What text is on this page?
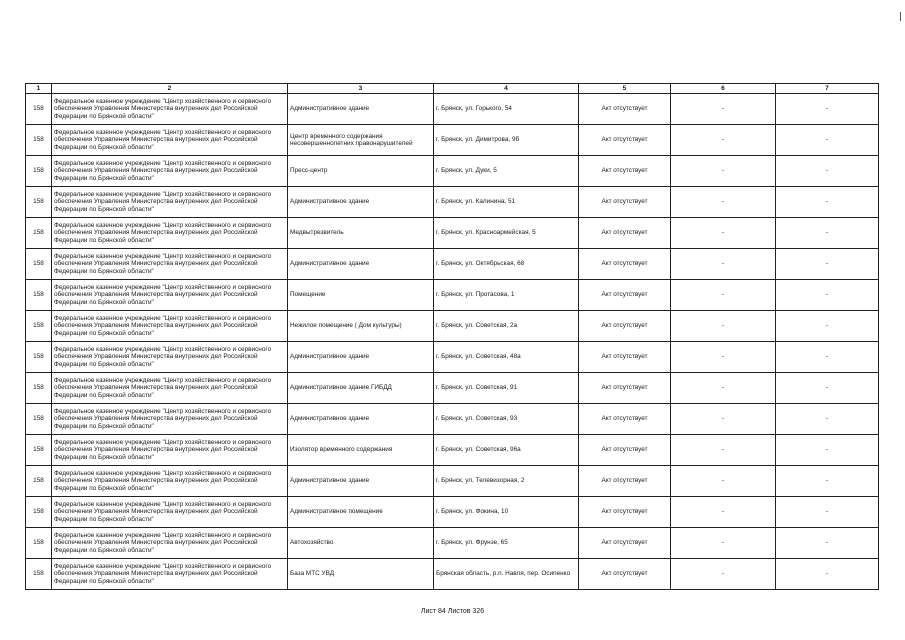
1	2	3	4	5	6	7
158	Федеральное казенное учреждение "Центр хозяйственного и сервисного обеспечения Управления Министерства внутренних дел Российской Федерации по Брянской области"	Административное здание	г. Брянск, ул. Горького, 54	Акт отсутствует	-	-
158	Федеральное казенное учреждение "Центр хозяйственного и сервисного обеспечения Управления Министерства внутренних дел Российской Федерации по Брянской области"	Центр временного содержания несовершеннолетних правонарушителей	г. Брянск, ул. Димитрова, 9б	Акт отсутствует	-	-
158	Федеральное казенное учреждение "Центр хозяйственного и сервисного обеспечения Управления Министерства внутренних дел Российской Федерации по Брянской области"	Пресс-центр	г. Брянск, ул. Дуки, 5	Акт отсутствует	-	-
158	Федеральное казенное учреждение "Центр хозяйственного и сервисного обеспечения Управления Министерства внутренних дел Российской Федерации по Брянской области"	Административное здание	г. Брянск, ул. Калинина, 51	Акт отсутствует	-	-
158	Федеральное казенное учреждение "Центр хозяйственного и сервисного обеспечения Управления Министерства внутренних дел Российской Федерации по Брянской области"	Медвытрезвитель	г. Брянск, ул. Красноармейская, 5	Акт отсутствует	-	-
158	Федеральное казенное учреждение "Центр хозяйственного и сервисного обеспечения Управления Министерства внутренних дел Российской Федерации по Брянской области"	Административное здание	г. Брянск, ул. Октябрьская, 68	Акт отсутствует	-	-
158	Федеральное казенное учреждение "Центр хозяйственного и сервисного обеспечения Управления Министерства внутренних дел Российской Федерации по Брянской области"	Помещение	г. Брянск, ул. Протасова, 1	Акт отсутствует	-	-
158	Федеральное казенное учреждение "Центр хозяйственного и сервисного обеспечения Управления Министерства внутренних дел Российской Федерации по Брянской области"	Нежилое помещение ( Дом культуры)	г. Брянск, ул. Советская, 2а	Акт отсутствует	-	-
158	Федеральное казенное учреждение "Центр хозяйственного и сервисного обеспечения Управления Министерства внутренних дел Российской Федерации по Брянской области"	Административное здание	г. Брянск, ул. Советская, 48а	Акт отсутствует	-	-
158	Федеральное казенное учреждение "Центр хозяйственного и сервисного обеспечения Управления Министерства внутренних дел Российской Федерации по Брянской области"	Административное здание ГИБДД	г. Брянск, ул. Советская, 91	Акт отсутствует	-	-
158	Федеральное казенное учреждение "Центр хозяйственного и сервисного обеспечения Управления Министерства внутренних дел Российской Федерации по Брянской области"	Административное здание	г. Брянск, ул. Советская, 93	Акт отсутствует	-	-
158	Федеральное казенное учреждение "Центр хозяйственного и сервисного обеспечения Управления Министерства внутренних дел Российской Федерации по Брянской области"	Изолятор временного содержания	г. Брянск, ул. Советская, 96а	Акт отсутствует	-	-
158	Федеральное казенное учреждение "Центр хозяйственного и сервисного обеспечения Управления Министерства внутренних дел Российской Федерации по Брянской области"	Административное здание	г. Брянск, ул. Телевизорная, 2	Акт отсутствует	-	-
158	Федеральное казенное учреждение "Центр хозяйственного и сервисного обеспечения Управления Министерства внутренних дел Российской Федерации по Брянской области"	Административное помещение	г. Брянск, ул. Фокина, 10	Акт отсутствует	-	-
158	Федеральное казенное учреждение "Центр хозяйственного и сервисного обеспечения Управления Министерства внутренних дел Российской Федерации по Брянской области"	Автохозяйство	г. Брянск, ул. Фрунзе, 65	Акт отсутствует	-	-
158	Федеральное казенное учреждение "Центр хозяйственного и сервисного обеспечения Управления Министерства внутренних дел Российской Федерации по Брянской области"	База МТС УВД	Брянская область, р.п. Навля, пер. Осипенко	Акт отсутствует	-	-
Лист 84 Листов 326
